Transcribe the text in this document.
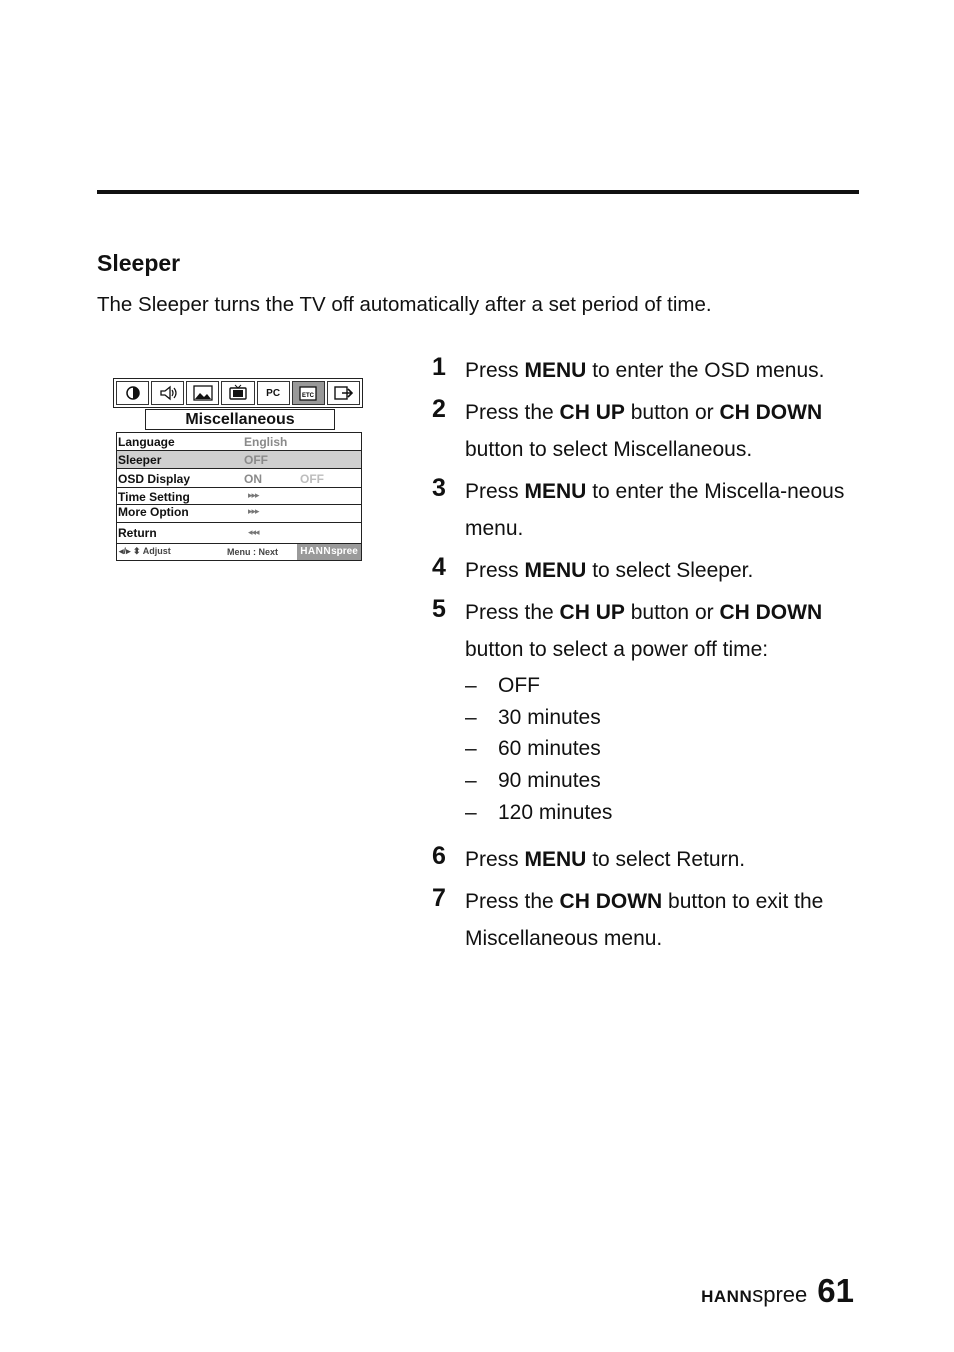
Sleeper

The Sleeper turns the TV off automatically after a set period of time.

PC	ETC
Miscellaneous
Language	English
Sleeper	OFF
OSD Display	ON	OFF
Time Setting	▸▸▸
More Option	▸▸▸
Return	◂◂◂
◂/▸ ⬍ Adjust	Menu : Next	HANNspree
1 Press MENU to enter the OSD menus.
2 Press the CH UP button or CH DOWN button to select Miscellaneous.
3 Press MENU to enter the Miscella-neous menu.
4 Press MENU to select Sleeper.
5 Press the CH UP button or CH DOWN button to select a power off time:
– OFF
– 30 minutes
– 60 minutes
– 90 minutes
– 120 minutes
6 Press MENU to select Return.
7 Press the CH DOWN button to exit the Miscellaneous menu.
HANN spree 61
